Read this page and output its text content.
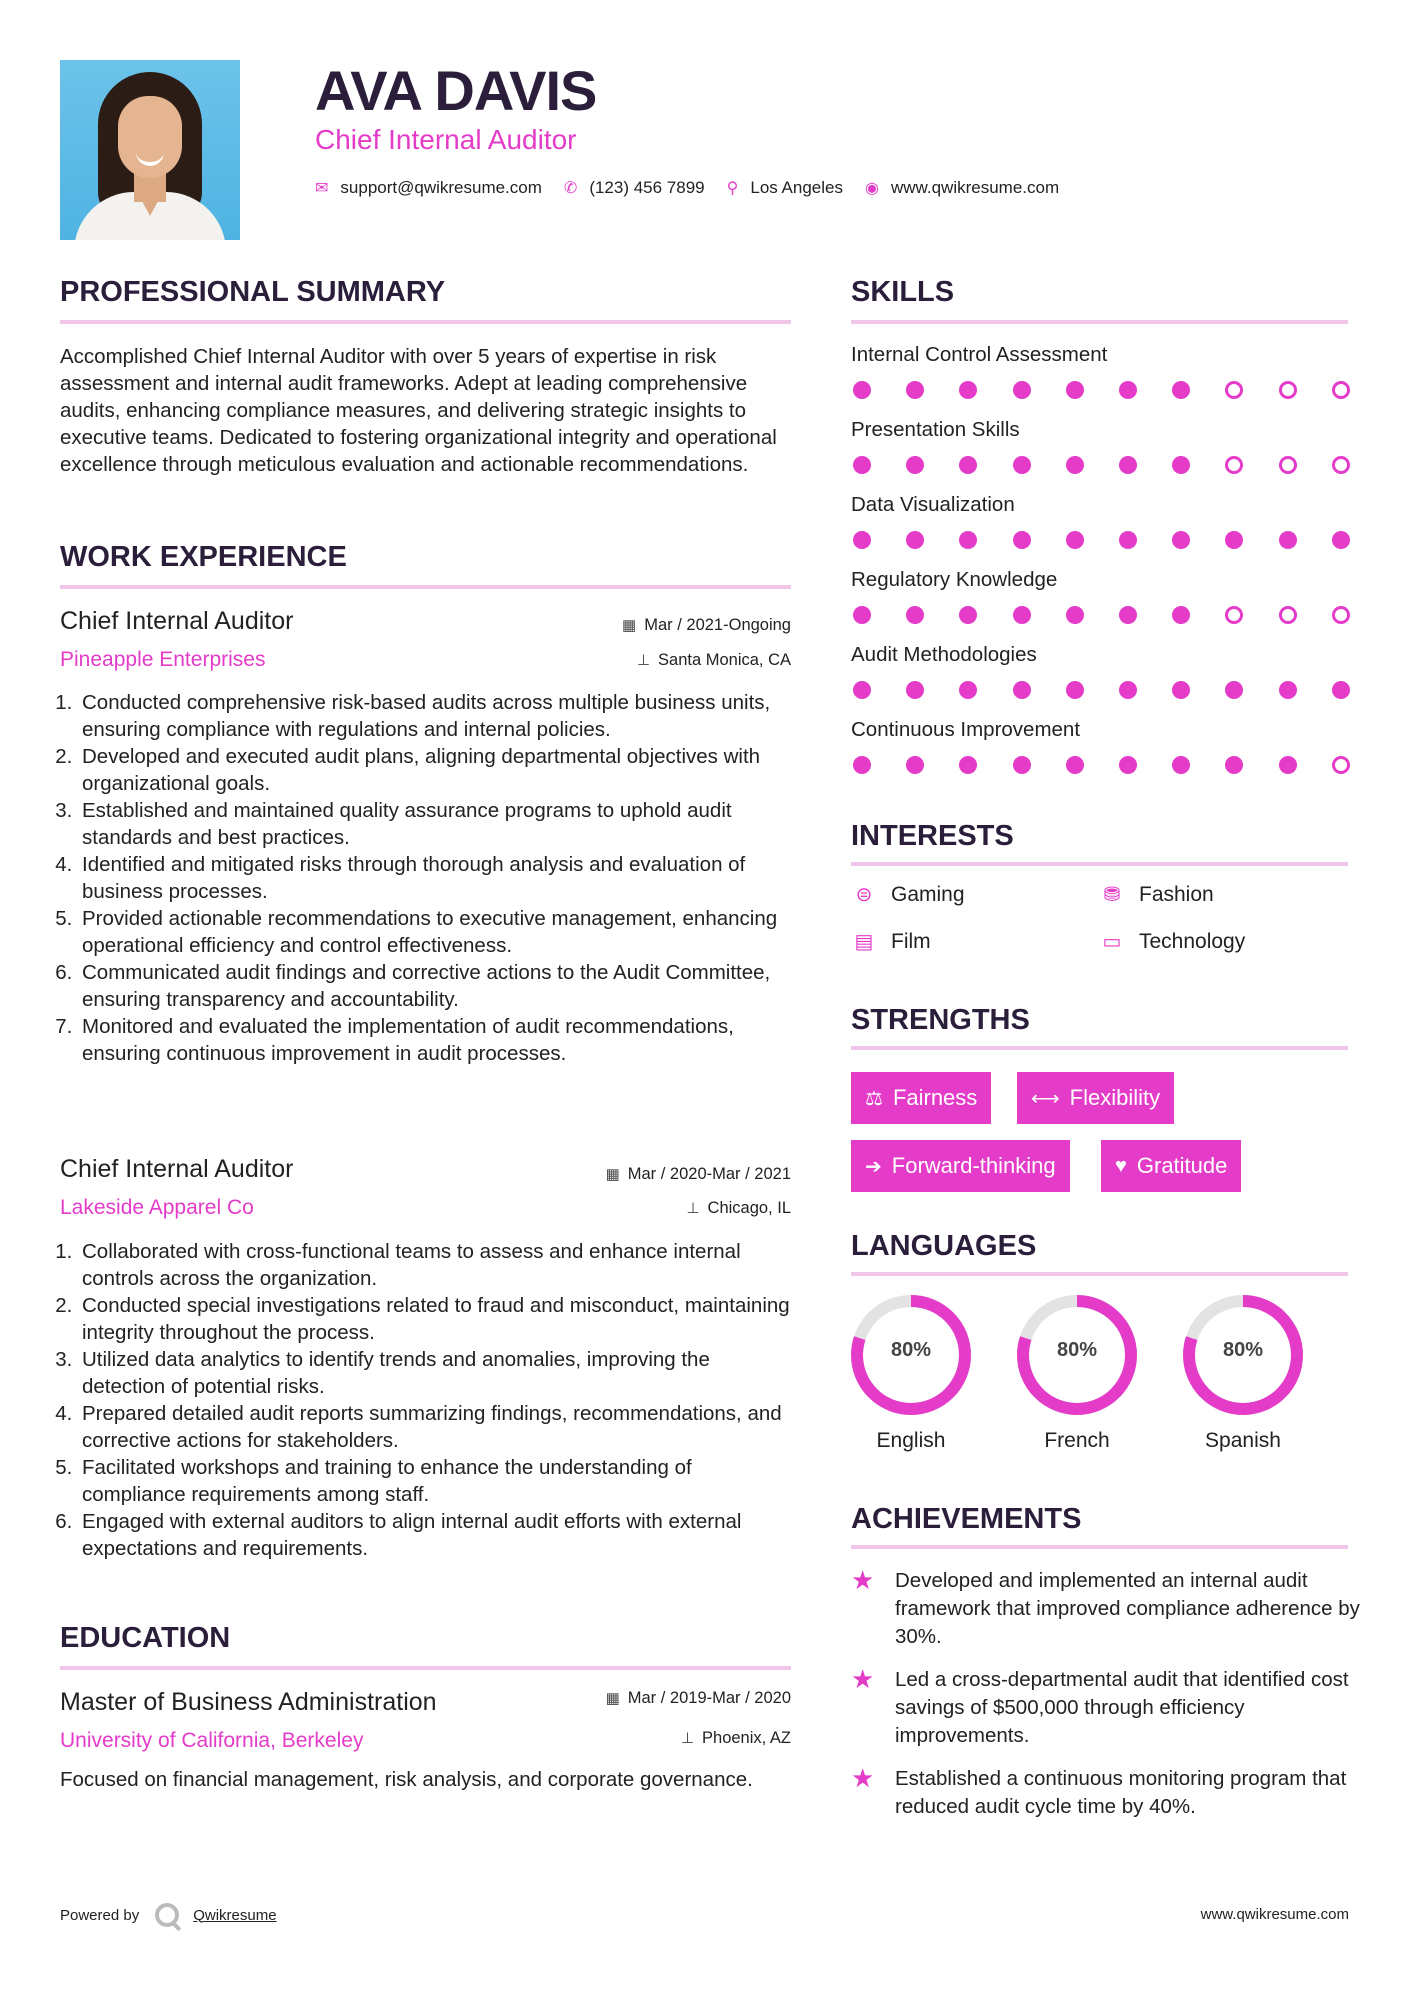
AVA DAVIS
Chief Internal Auditor
✉ support@qwikresume.com ✆ (123) 456 7899 ⚲ Los Angeles ◉ www.qwikresume.com
PROFESSIONAL SUMMARY
Accomplished Chief Internal Auditor with over 5 years of expertise in risk assessment and internal audit frameworks. Adept at leading comprehensive audits, enhancing compliance measures, and delivering strategic insights to executive teams. Dedicated to fostering organizational integrity and operational excellence through meticulous evaluation and actionable recommendations.
WORK EXPERIENCE
Chief Internal Auditor	▦ Mar / 2021-Ongoing
Pineapple Enterprises	⊥ Santa Monica, CA
1. Conducted comprehensive risk-based audits across multiple business units, ensuring compliance with regulations and internal policies.
2. Developed and executed audit plans, aligning departmental objectives with organizational goals.
3. Established and maintained quality assurance programs to uphold audit standards and best practices.
4. Identified and mitigated risks through thorough analysis and evaluation of business processes.
5. Provided actionable recommendations to executive management, enhancing operational efficiency and control effectiveness.
6. Communicated audit findings and corrective actions to the Audit Committee, ensuring transparency and accountability.
7. Monitored and evaluated the implementation of audit recommendations, ensuring continuous improvement in audit processes.
Chief Internal Auditor	▦ Mar / 2020-Mar / 2021
Lakeside Apparel Co	⊥ Chicago, IL
1. Collaborated with cross-functional teams to assess and enhance internal controls across the organization.
2. Conducted special investigations related to fraud and misconduct, maintaining integrity throughout the process.
3. Utilized data analytics to identify trends and anomalies, improving the detection of potential risks.
4. Prepared detailed audit reports summarizing findings, recommendations, and corrective actions for stakeholders.
5. Facilitated workshops and training to enhance the understanding of compliance requirements among staff.
6. Engaged with external auditors to align internal audit efforts with external expectations and requirements.
EDUCATION
Master of Business Administration	▦ Mar / 2019-Mar / 2020
University of California, Berkeley	⊥ Phoenix, AZ
Focused on financial management, risk analysis, and corporate governance.
SKILLS
Internal Control Assessment
Presentation Skills
Data Visualization
Regulatory Knowledge
Audit Methodologies
Continuous Improvement
INTERESTS
⊜ Gaming	⛃ Fashion
▤ Film	▭ Technology
STRENGTHS
⚖ Fairness	⟷ Flexibility
➔ Forward-thinking	♥ Gratitude
LANGUAGES
80%
English
80%
French
80%
Spanish
ACHIEVEMENTS
★	Developed and implemented an internal audit framework that improved compliance adherence by 30%.
★	Led a cross-departmental audit that identified cost savings of $500,000 through efficiency improvements.
★	Established a continuous monitoring program that reduced audit cycle time by 40%.
Powered by	Qwikresume	www.qwikresume.com
